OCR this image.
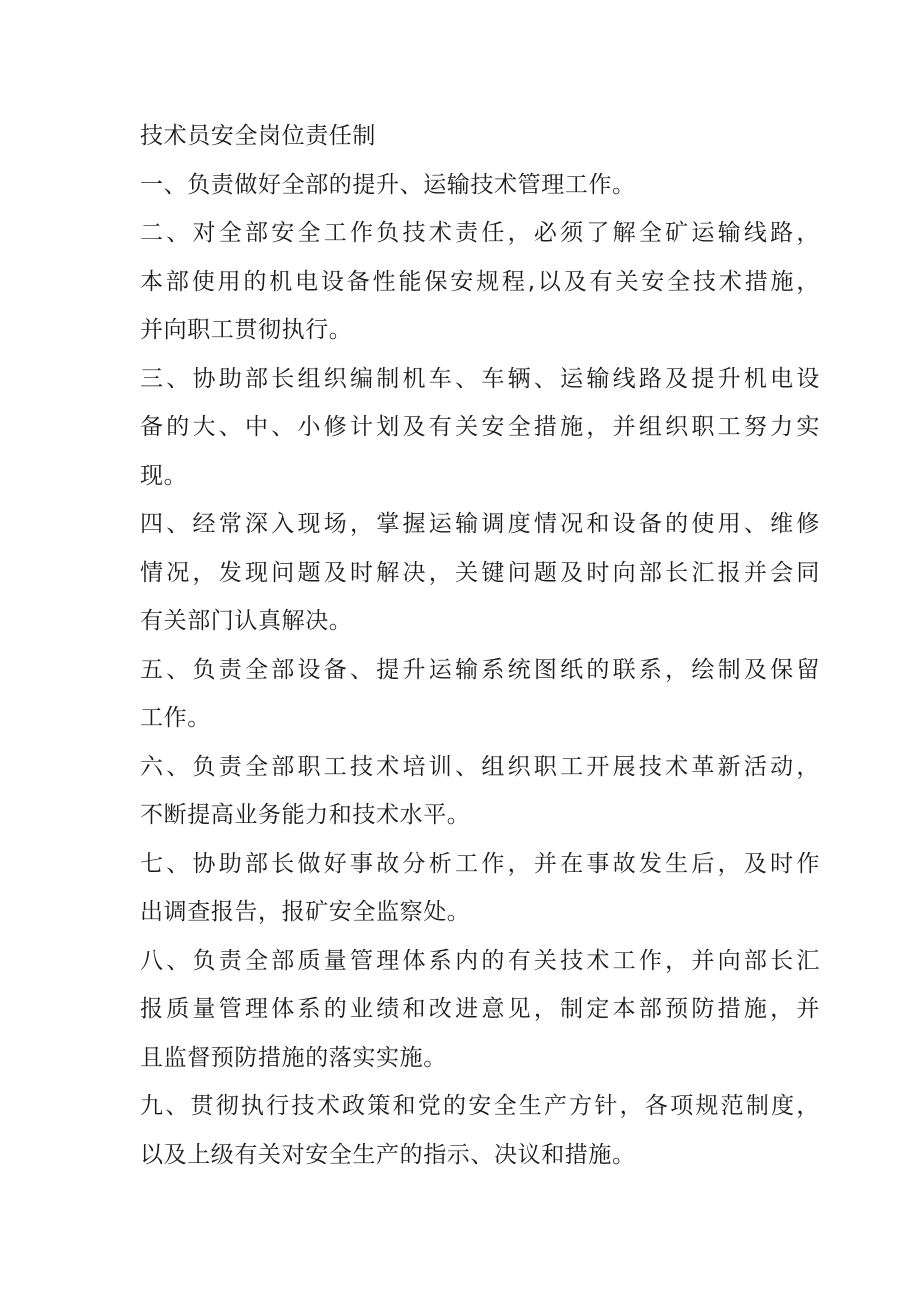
技术员安全岗位责任制
一、负责做好全部的提升、运输技术管理工作。
二、对全部安全工作负技术责任，必须了解全矿运输线路，
本部使用的机电设备性能保安规程,以及有关安全技术措施，
并向职工贯彻执行。
三、协助部长组织编制机车、车辆、运输线路及提升机电设
备的大、中、小修计划及有关安全措施，并组织职工努力实
现。
四、经常深入现场，掌握运输调度情况和设备的使用、维修
情况，发现问题及时解决，关键问题及时向部长汇报并会同
有关部门认真解决。
五、负责全部设备、提升运输系统图纸的联系，绘制及保留
工作。
六、负责全部职工技术培训、组织职工开展技术革新活动，
不断提高业务能力和技术水平。
七、协助部长做好事故分析工作，并在事故发生后，及时作
出调查报告，报矿安全监察处。
八、负责全部质量管理体系内的有关技术工作，并向部长汇
报质量管理体系的业绩和改进意见，制定本部预防措施，并
且监督预防措施的落实实施。
九、贯彻执行技术政策和党的安全生产方针，各项规范制度，
以及上级有关对安全生产的指示、决议和措施。
